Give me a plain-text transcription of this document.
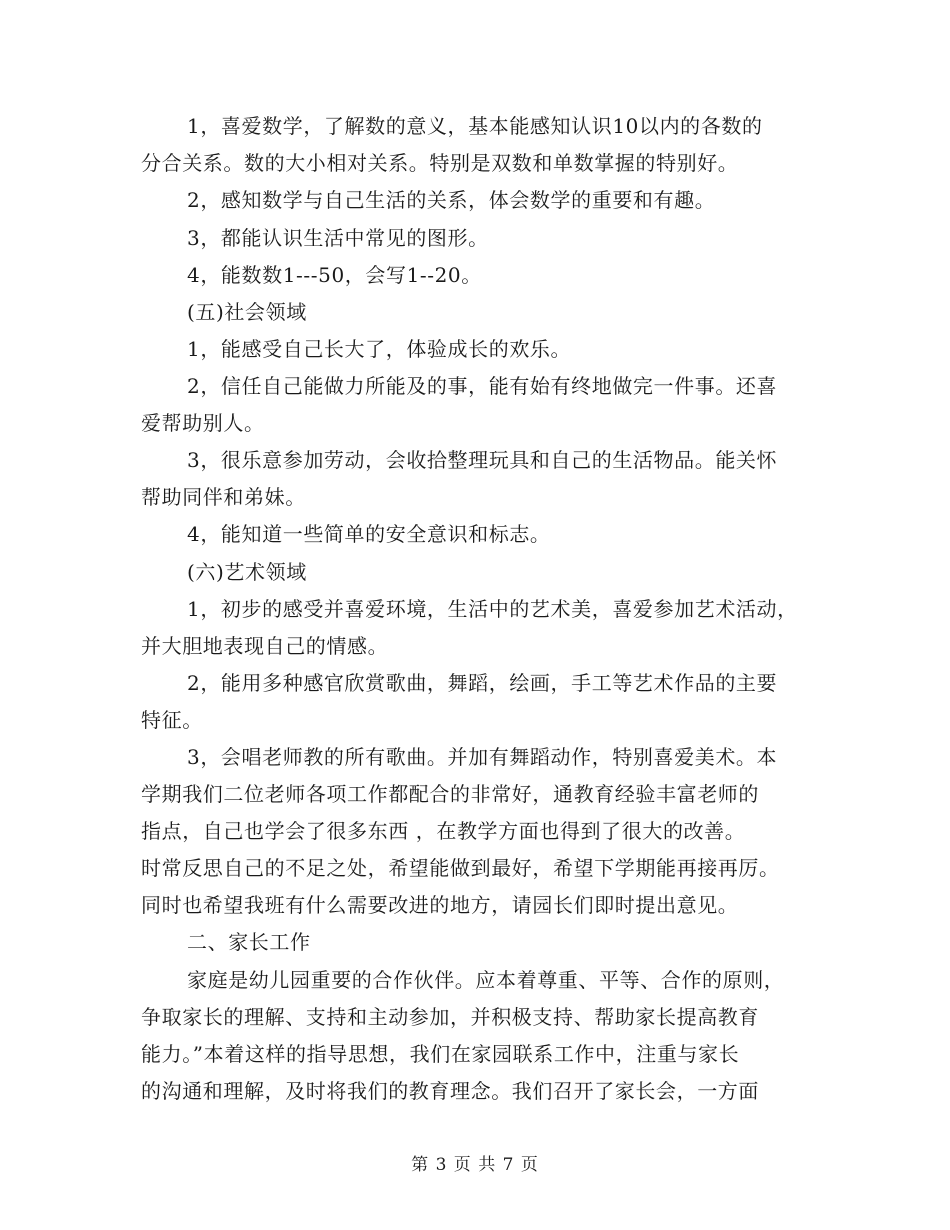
1，喜爱数学，了解数的意义，基本能感知认识10以内的各数的
分合关系。数的大小相对关系。特别是双数和单数掌握的特别好。
2，感知数学与自己生活的关系，体会数学的重要和有趣。
3，都能认识生活中常见的图形。
4，能数数1---50，会写1--20。
(五)社会领域
1，能感受自己长大了，体验成长的欢乐。
2，信任自己能做力所能及的事，能有始有终地做完一件事。还喜
爱帮助别人。
3，很乐意参加劳动，会收拾整理玩具和自己的生活物品。能关怀
帮助同伴和弟妹。
4，能知道一些简单的安全意识和标志。
(六)艺术领域
1，初步的感受并喜爱环境，生活中的艺术美，喜爱参加艺术活动，
并大胆地表现自己的情感。
2，能用多种感官欣赏歌曲，舞蹈，绘画，手工等艺术作品的主要
特征。
3，会唱老师教的所有歌曲。并加有舞蹈动作，特别喜爱美术。本
学期我们二位老师各项工作都配合的非常好，通教育经验丰富老师的
指点，自己也学会了很多东西 ，在教学方面也得到了很大的改善。
时常反思自己的不足之处，希望能做到最好，希望下学期能再接再厉。
同时也希望我班有什么需要改进的地方，请园长们即时提出意见。
二、家长工作
家庭是幼儿园重要的合作伙伴。应本着尊重、平等、合作的原则，
争取家长的理解、支持和主动参加，并积极支持、帮助家长提高教育
能力。”本着这样的指导思想，我们在家园联系工作中，注重与家长
的沟通和理解，及时将我们的教育理念。我们召开了家长会，一方面
第 3 页 共 7 页
